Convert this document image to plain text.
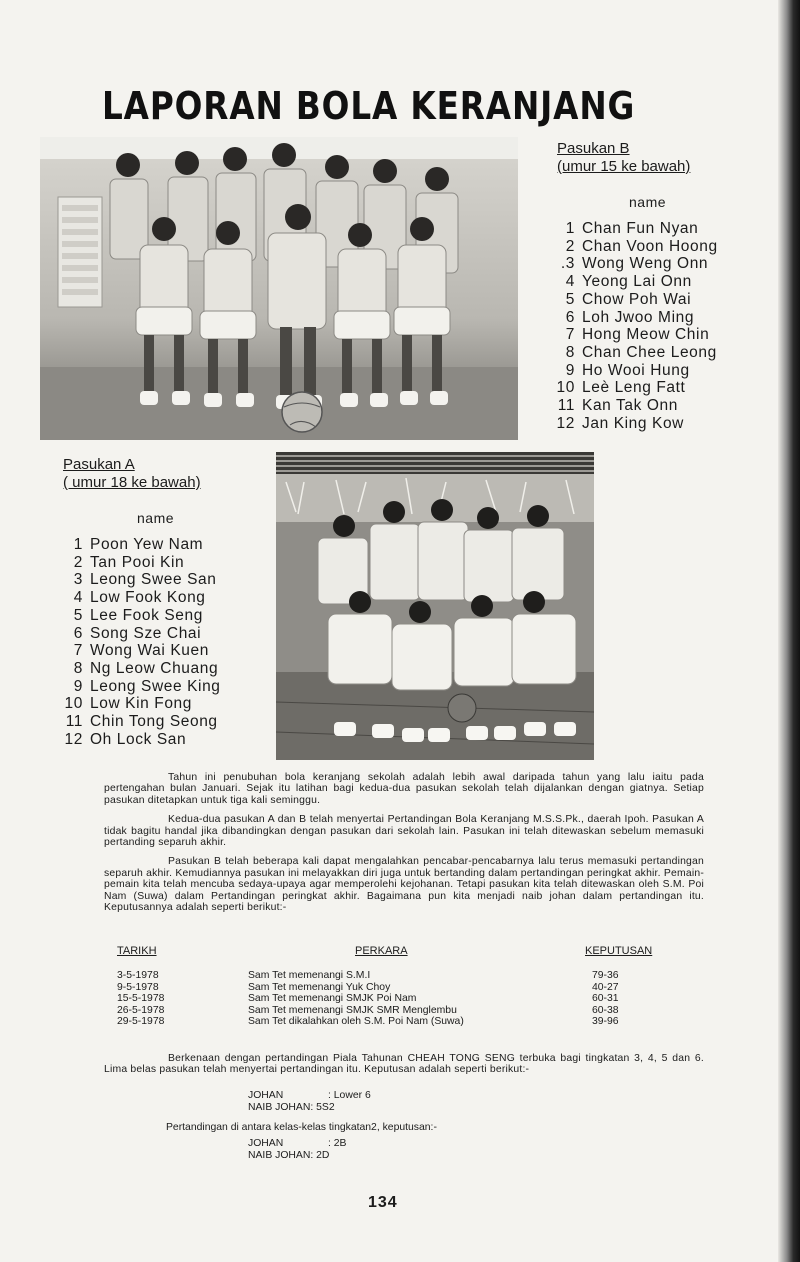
LAPORAN BOLA KERANJANG
Pasukan B
(umur 15 ke bawah)
name
1 Chan Fun Nyan
2 Chan Voon Hoong
.3 Wong Weng Onn
4 Yeong Lai Onn
5 Chow Poh Wai
6 Loh Jwoo Ming
7 Hong Meow Chin
8 Chan Chee Leong
9 Ho Wooi Hung
10 Leè Leng Fatt
11 Kan Tak Onn
12 Jan King Kow
Pasukan A
( umur 18 ke bawah)
name
1 Poon Yew Nam
2 Tan Pooi Kin
3 Leong Swee San
4 Low Fook Kong
5 Lee Fook Seng
6 Song Sze Chai
7 Wong Wai Kuen
8 Ng Leow Chuang
9 Leong Swee King
10 Low Kin Fong
11 Chin Tong Seong
12 Oh Lock San

Tahun ini penubuhan bola keranjang sekolah adalah lebih awal daripada tahun yang lalu iaitu pada pertengahan bulan Januari. Sejak itu latihan bagi kedua-dua pasukan sekolah telah dijalankan dengan giatnya. Setiap pasukan ditetapkan untuk tiga kali seminggu.

Kedua-dua pasukan A dan B telah menyertai Pertandingan Bola Keranjang M.S.S.Pk., daerah Ipoh. Pasukan A tidak bagitu handal jika dibandingkan dengan pasukan dari sekolah lain. Pasukan ini telah ditewaskan sebelum memasuki pertanding separuh akhir.

Pasukan B telah beberapa kali dapat mengalahkan pencabar-pencabarnya lalu terus memasuki pertandingan separuh akhir. Kemudiannya pasukan ini melayakkan diri juga untuk bertanding dalam pertandingan peringkat akhir. Pemain-pemain kita telah mencuba sedaya-upaya agar memperolehi kejohanan. Tetapi pasukan kita telah ditewaskan oleh S.M. Poi Nam (Suwa) dalam Pertandingan peringkat akhir. Bagaimana pun kita menjadi naib johan dalam pertandingan itu. Keputusannya adalah seperti berikut:-

TARIKH	PERKARA	KEPUTUSAN
3-5-1978	Sam Tet memenangi S.M.I	79-36
9-5-1978	Sam Tet memenangi Yuk Choy	40-27
15-5-1978	Sam Tet memenangi SMJK Poi Nam	60-31
26-5-1978	Sam Tet memenangi SMJK SMR Menglembu	60-38
29-5-1978	Sam Tet dikalahkan oleh S.M. Poi Nam (Suwa)	39-96

Berkenaan dengan pertandingan Piala Tahunan CHEAH TONG SENG terbuka bagi tingkatan 3, 4, 5 dan 6. Lima belas pasukan telah menyertai pertandingan itu. Keputusan adalah seperti berikut:-

JOHAN	: Lower 6
NAIB JOHAN: 5S2
Pertandingan di antara kelas-kelas tingkatan2, keputusan:-
JOHAN	: 2B
NAIB JOHAN: 2D
134
